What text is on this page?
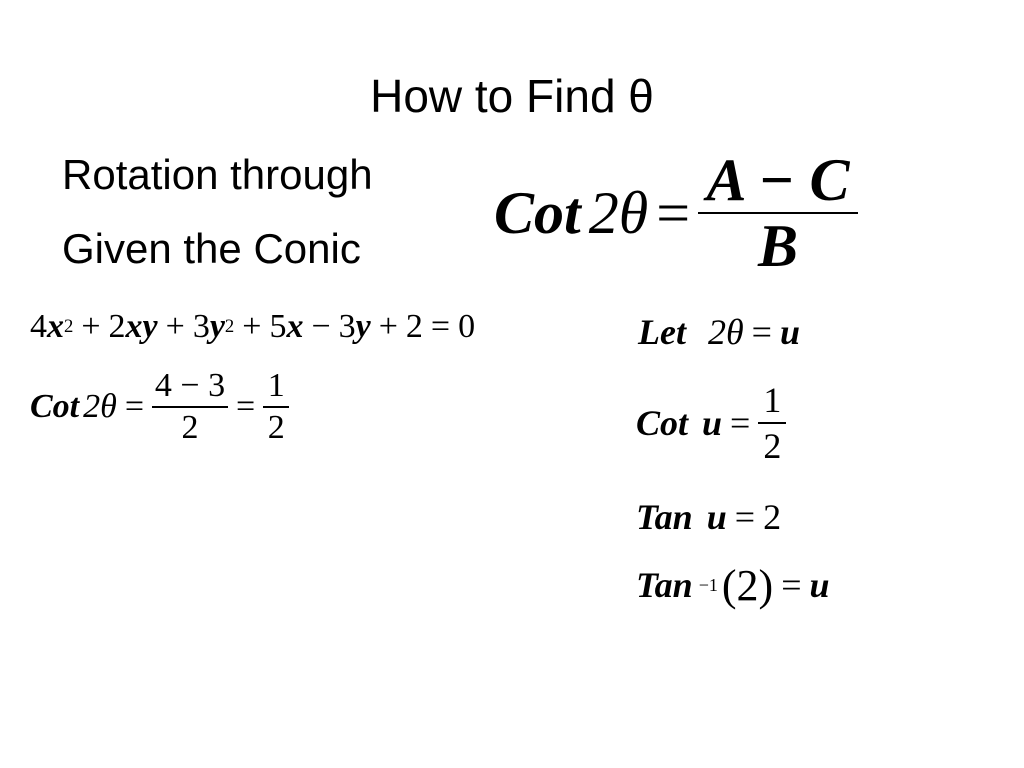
How to Find θ
Rotation through
Given the Conic
Cot $2\theta = \frac{A - C}{B}$
4 x 2 + 2 xy + 3 y 2 + 5 x − 3 y + 2 = 0
Cot $2\theta = \frac{4 - 3}{2} = \frac{1}{2}$
Let 2θ = u
Cot $u = \frac{1}{2}$
Tan u = 2
Tan −1 (2) = u
